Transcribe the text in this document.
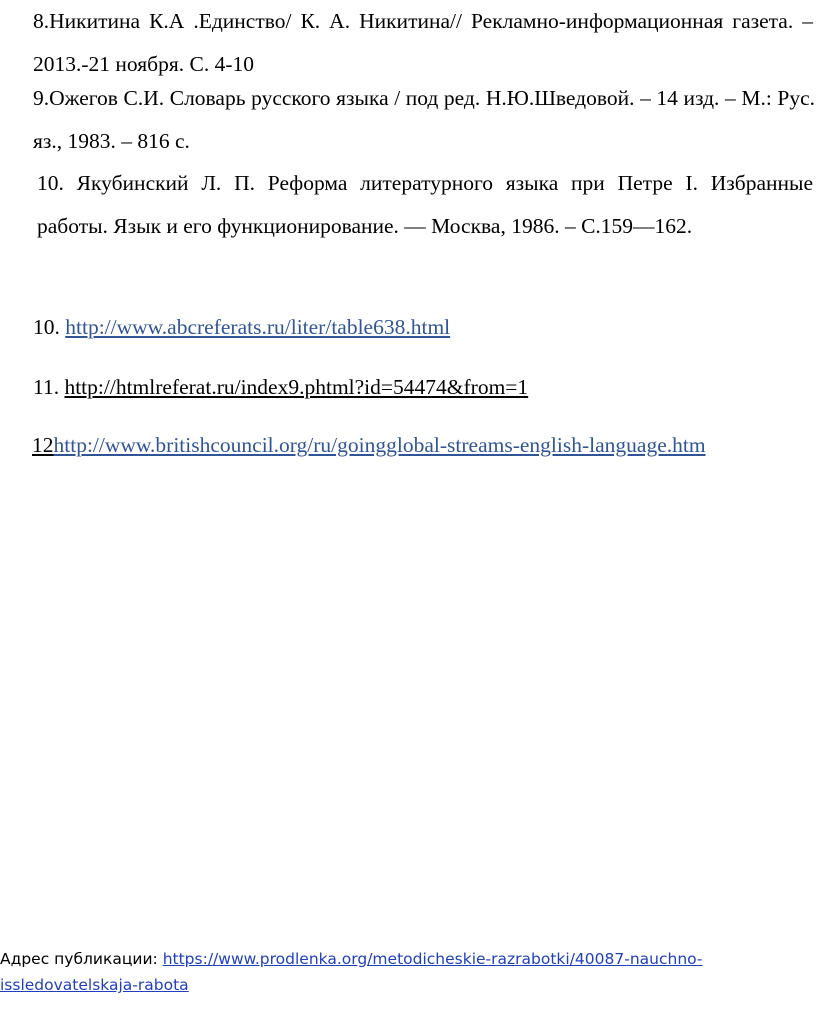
8.Никитина К.А .Единство/ К. А. Никитина// Рекламно-информационная газета. – 2013.-21 ноября. С. 4-10

9.Ожегов С.И. Словарь русского языка / под ред. Н.Ю.Шведовой. – 14 изд. – М.: Рус. яз., 1983. – 816 с.

10. Якубинский Л. П. Реформа литературного языка при Петре I. Избранные работы. Язык и его функционирование. — Москва, 1986. – С.159—162.

10. http://www.abcreferats.ru/liter/table638.html

11. http://htmlreferat.ru/index9.phtml?id=54474&from=1

12http://www.britishcouncil.org/ru/goingglobal-streams-english-language.htm

Адрес публикации: https://www.prodlenka.org/metodicheskie-razrabotki/40087-nauchno-issledovatelskaja-rabota
